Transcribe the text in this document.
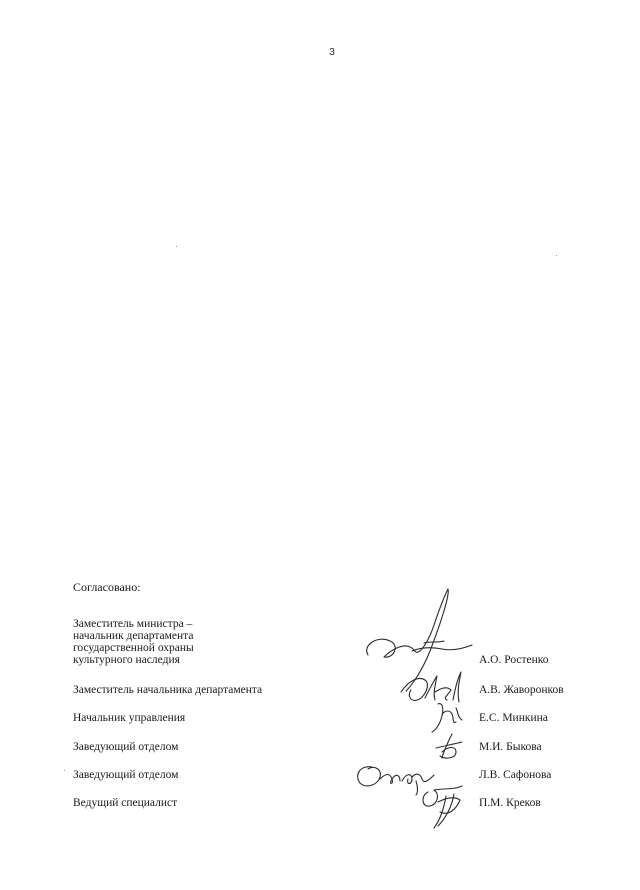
3

Согласовано:

Заместитель министра –
начальник департамента
государственной охраны
культурного наследия	А.О. Ростенко
Заместитель начальника департамента	А.В. Жаворонков
Начальник управления	Е.С. Минкина
Заведующий отделом	М.И. Быкова
Заведующий отделом	Л.В. Сафонова
Ведущий специалист	П.М. Креков
